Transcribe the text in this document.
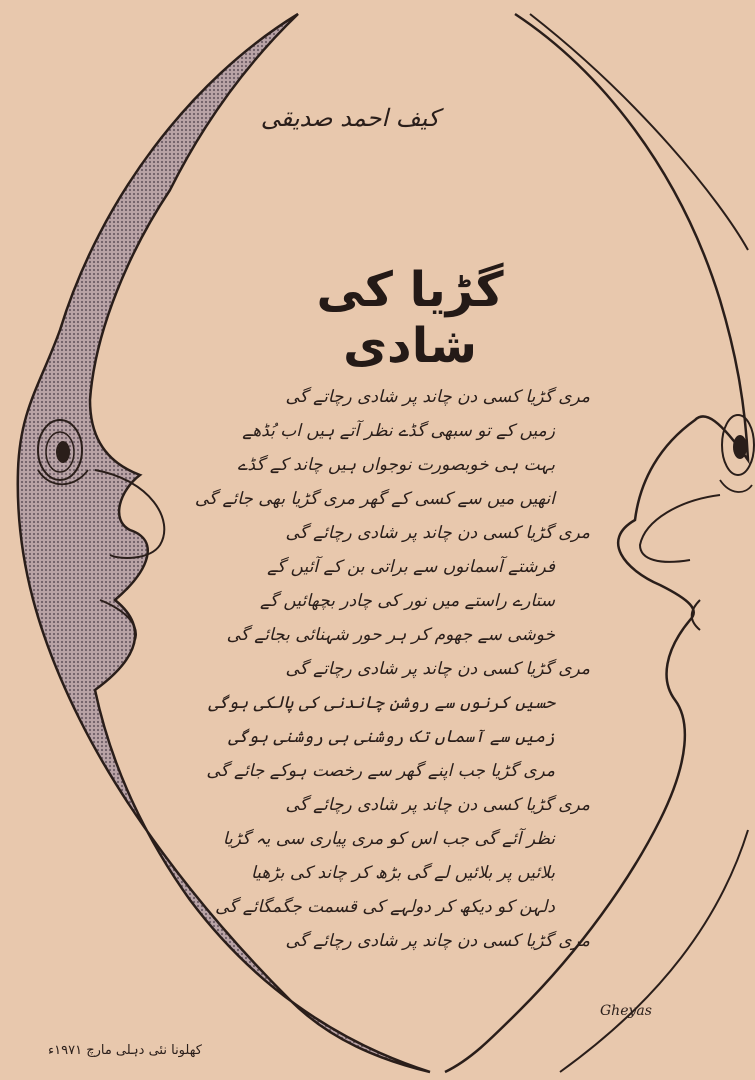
کیف احمد صدیقی
گڑیا کی شادی
مری گڑیا کسی دن چاند پر شادی رچاتے گی
زمیں کے تو سبھی گڈے نظر آتے ہیں اب بُڈھے
بہت ہی خوبصورت نوجواں ہیں چاند کے گڈے
انھیں میں سے کسی کے گھر مری گڑیا بھی جائے گی
مری گڑیا کسی دن چاند پر شادی رچائے گی
فرشتے آسمانوں سے براتی بن کے آئیں گے
ستارے راستے میں نور کی چادر بچھائیں گے
خوشی سے جھوم کر ہر حور شہنائی بجائے گی
مری گڑیا کسی دن چاند پر شادی رچاتے گی
حسیں کرنوں سے روشن چاندنی کی پالکی ہوگی
زمیں سے آسماں تک روشنی ہی روشنی ہوگی
مری گڑیا جب اپنے گھر سے رخصت ہوکے جائے گی
مری گڑیا کسی دن چاند پر شادی رچائے گی
نظر آئے گی جب اس کو مری پیاری سی یہ گڑیا
بلائیں پر بلائیں لے گی بڑھ کر چاند کی بڑھیا
دلہن کو دیکھ کر دولہے کی قسمت جگمگائے گی
مری گڑیا کسی دن چاند پر شادی رچائے گی
Gheyas
کھلونا نئی دہلی مارچ ۱۹۷۱ء
